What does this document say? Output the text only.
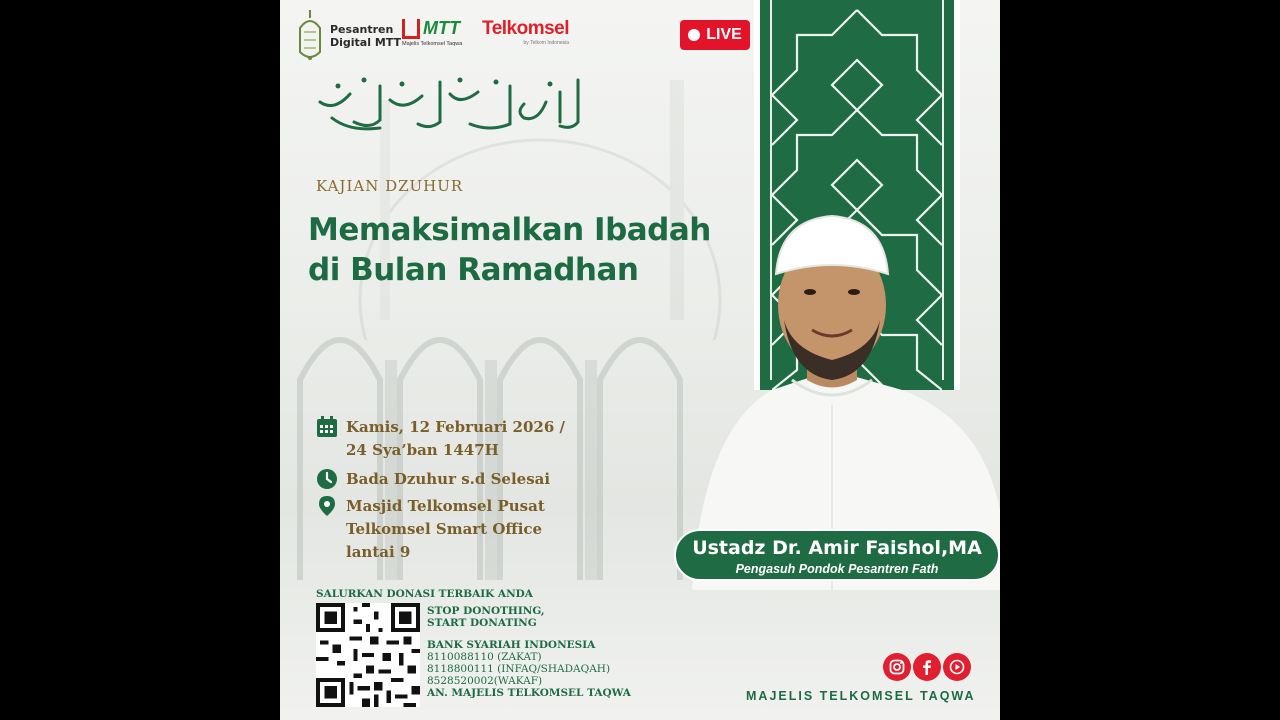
Pesantren
Digital MTT
MTT
Majelis Telkomsel Taqwa
Telkomsel
by Telkom Indonesia	LIVE
KAJIAN DZUHUR
Memaksimalkan Ibadah
di Bulan Ramadhan
Ustadz Dr. Amir Faishol,MA
Pengasuh Pondok Pesantren Fath
Kamis, 12 Februari 2026 /
24 Sya’ban 1447H
Bada Dzuhur s.d Selesai
Masjid Telkomsel Pusat
Telkomsel Smart Office
lantai 9
SALURKAN DONASI TERBAIK ANDA
STOP DONOTHING,
START DONATING
BANK SYARIAH INDONESIA
8110088110 (ZAKAT)
8118800111 (INFAQ/SHADAQAH)
8528520002(WAKAF)
AN. MAJELIS TELKOMSEL TAQWA	MAJELIS TELKOMSEL TAQWA
